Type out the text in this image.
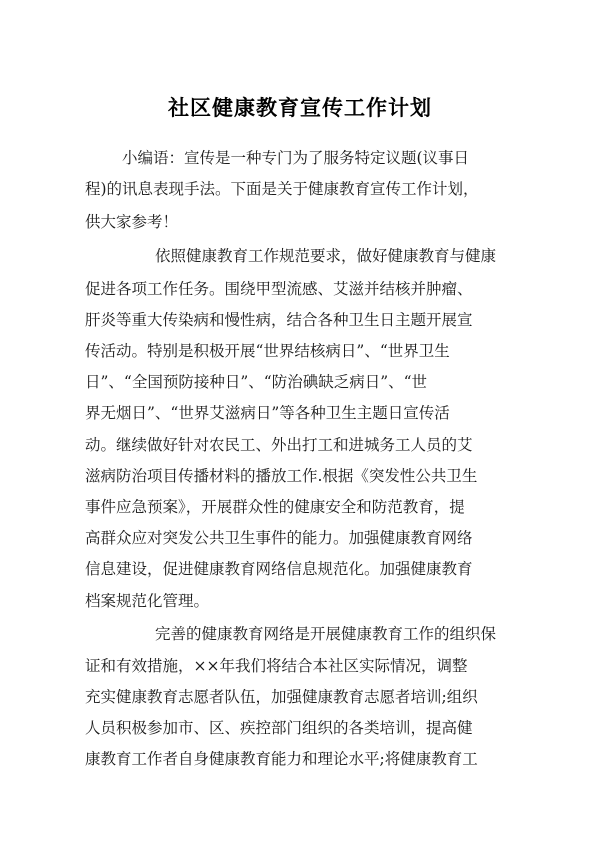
社区健康教育宣传工作计划
小编语：宣传是一种专门为了服务特定议题(议事日
程)的讯息表现手法。下面是关于健康教育宣传工作计划，
供大家参考！
依照健康教育工作规范要求，做好健康教育与健康
促进各项工作任务。围绕甲型流感、艾滋并结核并肿瘤、
肝炎等重大传染病和慢性病，结合各种卫生日主题开展宣
传活动。特别是积极开展“世界结核病日”、“世界卫生
日”、“全国预防接种日”、“防治碘缺乏病日”、“世
界无烟日”、“世界艾滋病日”等各种卫生主题日宣传活
动。继续做好针对农民工、外出打工和进城务工人员的艾
滋病防治项目传播材料的播放工作.根据《突发性公共卫生
事件应急预案》，开展群众性的健康安全和防范教育，提
高群众应对突发公共卫生事件的能力。加强健康教育网络
信息建设，促进健康教育网络信息规范化。加强健康教育
档案规范化管理。
完善的健康教育网络是开展健康教育工作的组织保
证和有效措施，××年我们将结合本社区实际情况，调整
充实健康教育志愿者队伍，加强健康教育志愿者培训;组织
人员积极参加市、区、疾控部门组织的各类培训，提高健
康教育工作者自身健康教育能力和理论水平;将健康教育工
